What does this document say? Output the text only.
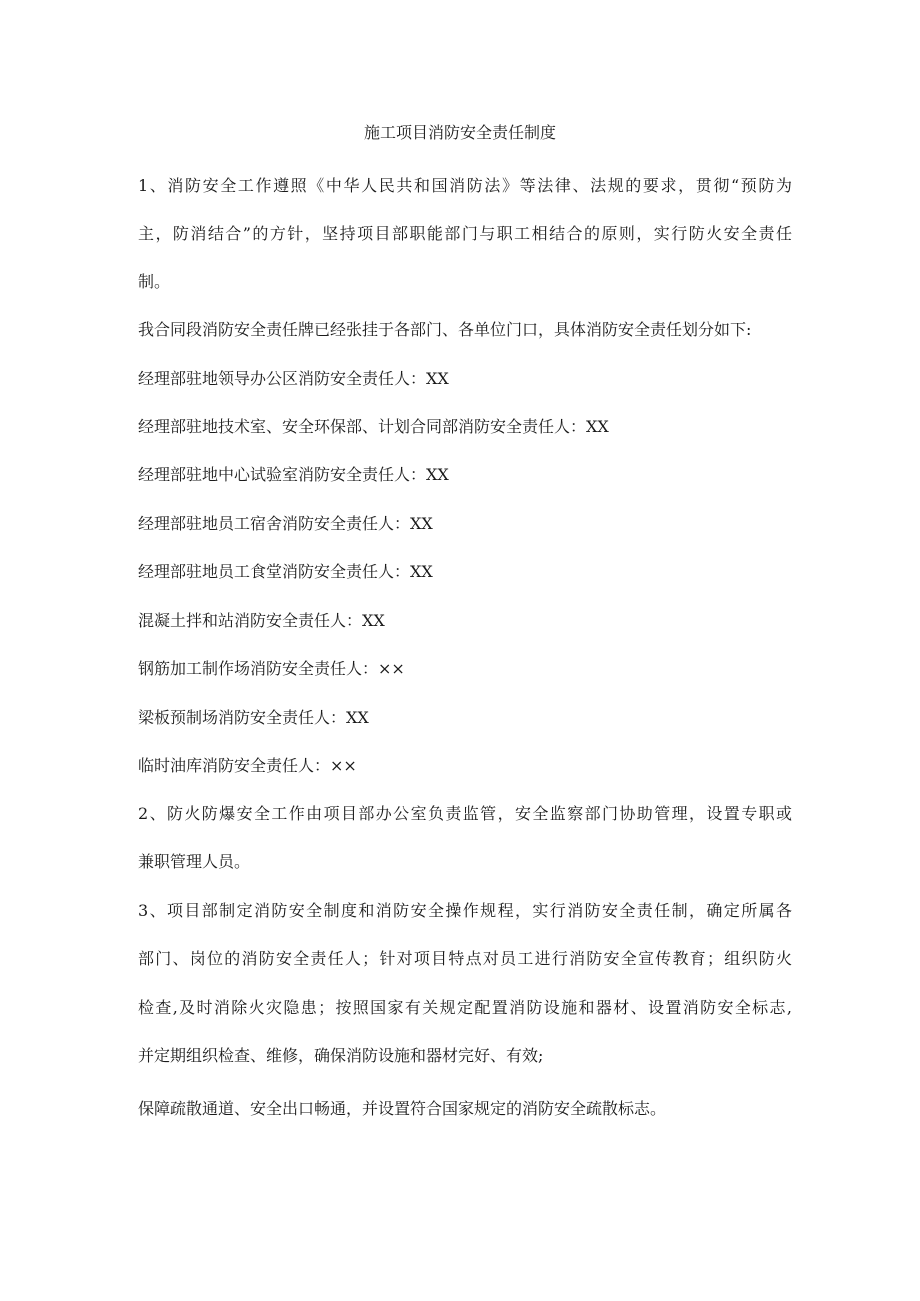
施工项目消防安全责任制度
1、消防安全工作遵照《中华人民共和国消防法》等法律、法规的要求，贯彻“预防为
主，防消结合”的方针，坚持项目部职能部门与职工相结合的原则，实行防火安全责任
制。
我合同段消防安全责任牌已经张挂于各部门、各单位门口，具体消防安全责任划分如下:
经理部驻地领导办公区消防安全责任人：XX
经理部驻地技术室、安全环保部、计划合同部消防安全责任人：XX
经理部驻地中心试验室消防安全责任人：XX
经理部驻地员工宿舍消防安全责任人：XX
经理部驻地员工食堂消防安全责任人：XX
混凝土拌和站消防安全责任人：XX
钢筋加工制作场消防安全责任人：××
梁板预制场消防安全责任人：XX
临时油库消防安全责任人：××
2、防火防爆安全工作由项目部办公室负责监管，安全监察部门协助管理，设置专职或
兼职管理人员。
3、项目部制定消防安全制度和消防安全操作规程，实行消防安全责任制，确定所属各
部门、岗位的消防安全责任人；针对项目特点对员工进行消防安全宣传教育；组织防火
检查,及时消除火灾隐患；按照国家有关规定配置消防设施和器材、设置消防安全标志,
并定期组织检查、维修，确保消防设施和器材完好、有效;
保障疏散通道、安全出口畅通，并设置符合国家规定的消防安全疏散标志。
